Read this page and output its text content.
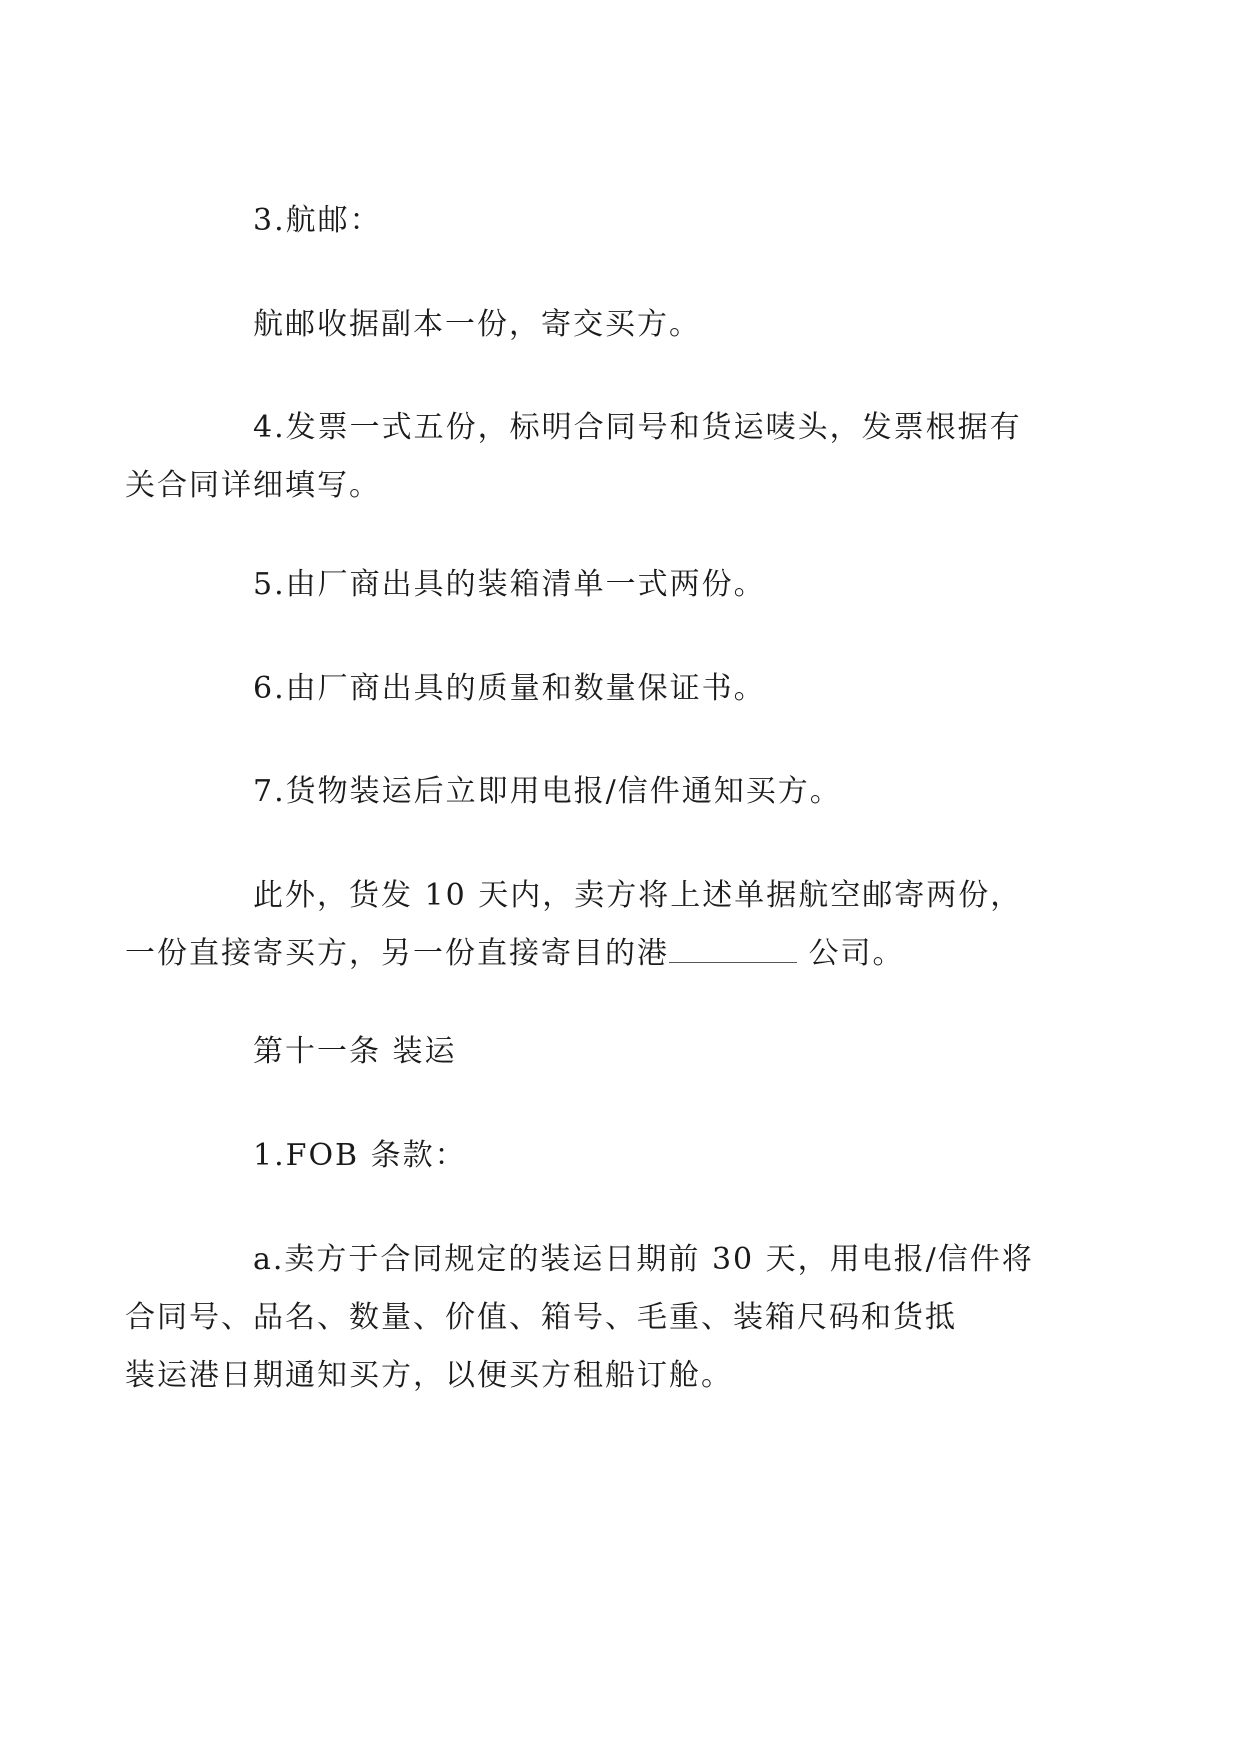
3.航邮：

航邮收据副本一份，寄交买方。

4.发票一式五份，标明合同号和货运唛头，发票根据有
关合同详细填写。

5.由厂商出具的装箱清单一式两份。

6.由厂商出具的质量和数量保证书。

7.货物装运后立即用电报/信件通知买方。

此外，货发 10 天内，卖方将上述单据航空邮寄两份，
一份直接寄买方，另一份直接寄目的港	公司。

第十一条 装运

1.FOB 条款：

a.卖方于合同规定的装运日期前 30 天，用电报/信件将
合同号、品名、数量、价值、箱号、毛重、装箱尺码和货抵
装运港日期通知买方，以便买方租船订舱。
